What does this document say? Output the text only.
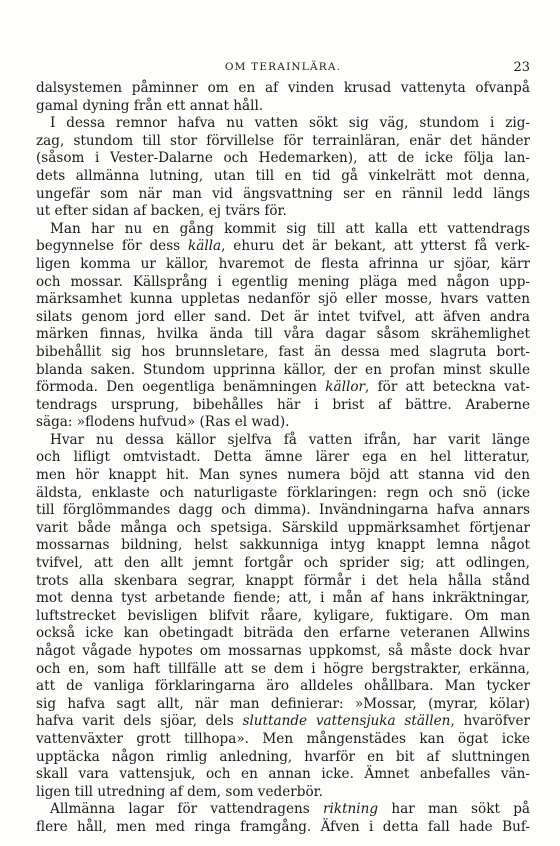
OM TERAINLÄRA.	23
dalsystemen påminner om en af vinden krusad vattenyta ofvanpå
gamal dyning från ett annat håll.
I dessa remnor hafva nu vatten sökt sig väg, stundom i zig-
zag, stundom till stor förvillelse för terrainläran, enär det händer
(såsom i Vester-Dalarne och Hedemarken), att de icke följa lan-
dets allmänna lutning, utan till en tid gå vinkelrätt mot denna,
ungefär som när man vid ängsvattning ser en rännil ledd längs
ut efter sidan af backen, ej tvärs för.
Man har nu en gång kommit sig till att kalla ett vattendrags
begynnelse för dess källa, ehuru det är bekant, att ytterst få verk-
ligen komma ur källor, hvaremot de flesta afrinna ur sjöar, kärr
och mossar. Källsprång i egentlig mening pläga med någon upp-
märksamhet kunna uppletas nedanför sjö eller mosse, hvars vatten
silats genom jord eller sand. Det är intet tvifvel, att äfven andra
märken finnas, hvilka ända till våra dagar såsom skrähemlighet
bibehållit sig hos brunnsletare, fast än dessa med slagruta bort-
blanda saken. Stundom upprinna källor, der en profan minst skulle
förmoda. Den oegentliga benämningen källor, för att beteckna vat-
tendrags ursprung, bibehålles här i brist af bättre. Araberne
säga: »flodens hufvud» (Ras el wad).
Hvar nu dessa källor sjelfva få vatten ifrån, har varit länge
och lifligt omtvistadt. Detta ämne lärer ega en hel litteratur,
men hör knappt hit. Man synes numera böjd att stanna vid den
äldsta, enklaste och naturligaste förklaringen: regn och snö (icke
till förglömmandes dagg och dimma). Invändningarna hafva annars
varit både många och spetsiga. Särskild uppmärksamhet förtjenar
mossarnas bildning, helst sakkunniga intyg knappt lemna något
tvifvel, att den allt jemnt fortgår och sprider sig; att odlingen,
trots alla skenbara segrar, knappt förmår i det hela hålla stånd
mot denna tyst arbetande fiende; att, i mån af hans inkräktningar,
luftstrecket bevisligen blifvit råare, kyligare, fuktigare. Om man
också icke kan obetingadt biträda den erfarne veteranen Allwins
något vågade hypotes om mossarnas uppkomst, så måste dock hvar
och en, som haft tillfälle att se dem i högre bergstrakter, erkänna,
att de vanliga förklaringarna äro alldeles ohållbara. Man tycker
sig hafva sagt allt, när man definierar: »Mossar, (myrar, kölar)
hafva varit dels sjöar, dels sluttande vattensjuka ställen, hvaröfver
vattenväxter grott tillhopa». Men mångenstädes kan ögat icke
upptäcka någon rimlig anledning, hvarför en bit af sluttningen
skall vara vattensjuk, och en annan icke. Ämnet anbefalles vän-
ligen till utredning af dem, som vederbör.
Allmänna lagar för vattendragens riktning har man sökt på
flere håll, men med ringa framgång. Äfven i detta fall hade Buf-
